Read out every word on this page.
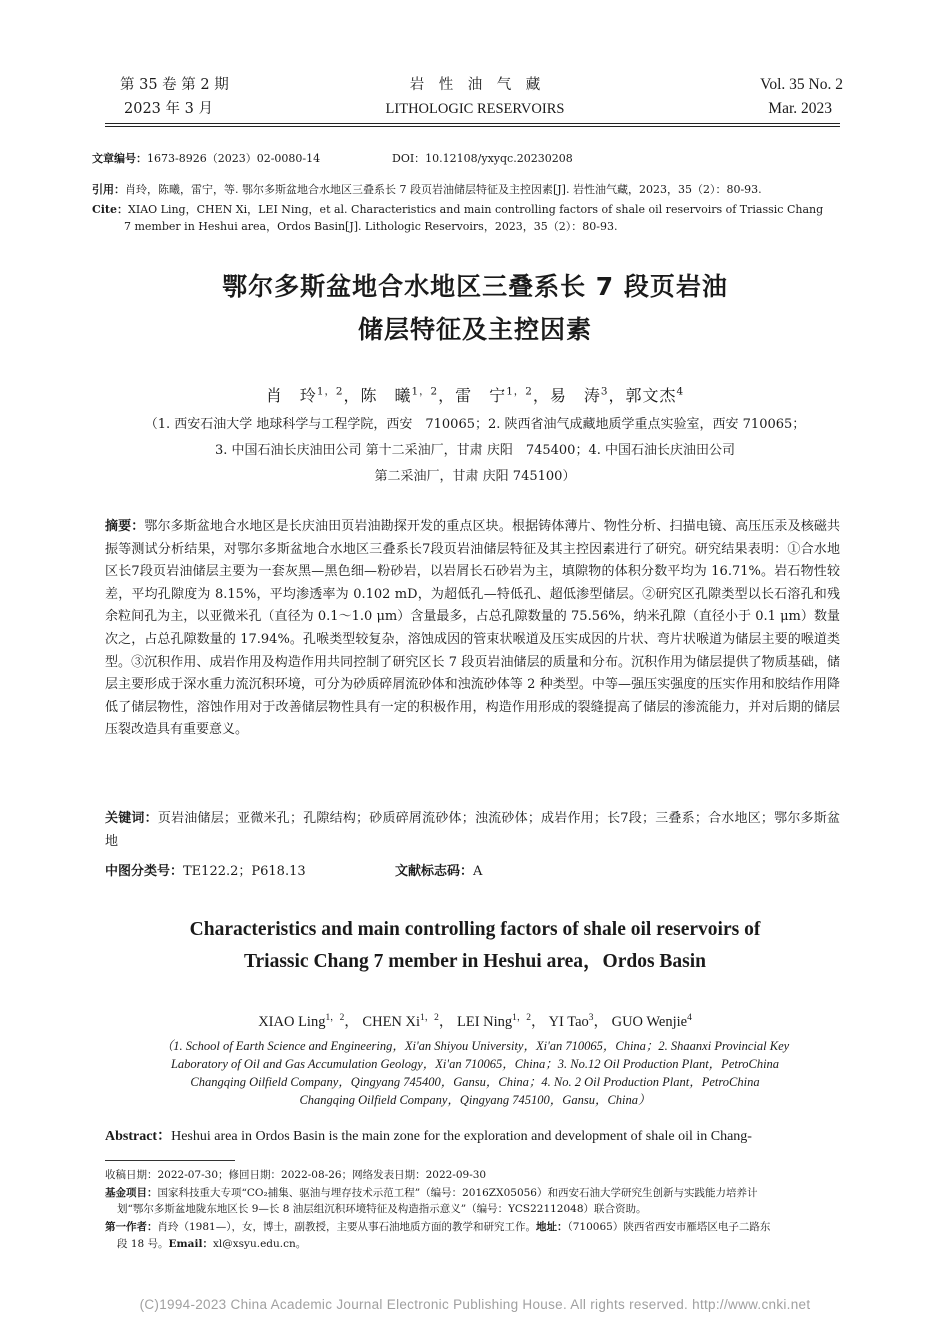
第 35 卷 第 2 期
2023 年 3 月
岩　性　油　气　藏
LITHOLOGIC RESERVOIRS
Vol. 35 No. 2
Mar. 2023
文章编号：1673-8926（2023）02-0080-14	DOI：10.12108/yxyqc.20230208
引用：肖玲，陈曦，雷宁，等. 鄂尔多斯盆地合水地区三叠系长 7 段页岩油储层特征及主控因素[J]. 岩性油气藏，2023，35（2）：80-93.
Cite：XIAO Ling，CHEN Xi，LEI Ning，et al. Characteristics and main controlling factors of shale oil reservoirs of Triassic Chang
7 member in Heshui area，Ordos Basin[J]. Lithologic Reservoirs，2023，35（2）：80-93.
鄂尔多斯盆地合水地区三叠系长 7 段页岩油
储层特征及主控因素
肖　玲$^{1,2}$，陈　曦$^{1,2}$，雷　宁$^{1,2}$，易　涛$^3$，郭文杰$^4$
（1. 西安石油大学 地球科学与工程学院，西安　710065；2. 陕西省油气成藏地质学重点实验室，西安 710065；
3. 中国石油长庆油田公司 第十二采油厂，甘肃 庆阳　745400；4. 中国石油长庆油田公司
第二采油厂，甘肃 庆阳 745100）
摘要：鄂尔多斯盆地合水地区是长庆油田页岩油勘探开发的重点区块。根据铸体薄片、物性分析、扫描电镜、高压压汞及核磁共振等测试分析结果，对鄂尔多斯盆地合水地区三叠系长7段页岩油储层特征及其主控因素进行了研究。研究结果表明：①合水地区长7段页岩油储层主要为一套灰黑—黑色细—粉砂岩，以岩屑长石砂岩为主，填隙物的体积分数平均为 16.71%。岩石物性较差，平均孔隙度为 8.15%，平均渗透率为 0.102 mD，为超低孔—特低孔、超低渗型储层。②研究区孔隙类型以长石溶孔和残余粒间孔为主，以亚微米孔（直径为 0.1～1.0 μm）含量最多，占总孔隙数量的 75.56%，纳米孔隙（直径小于 0.1 μm）数量次之，占总孔隙数量的 17.94%。孔喉类型较复杂，溶蚀成因的管束状喉道及压实成因的片状、弯片状喉道为储层主要的喉道类型。③沉积作用、成岩作用及构造作用共同控制了研究区长 7 段页岩油储层的质量和分布。沉积作用为储层提供了物质基础，储层主要形成于深水重力流沉积环境，可分为砂质碎屑流砂体和浊流砂体等 2 种类型。中等—强压实强度的压实作用和胶结作用降低了储层物性，溶蚀作用对于改善储层物性具有一定的积极作用，构造作用形成的裂缝提高了储层的渗流能力，并对后期的储层压裂改造具有重要意义。
关键词：页岩油储层；亚微米孔；孔隙结构；砂质碎屑流砂体；浊流砂体；成岩作用；长7段；三叠系；合水地区；鄂尔多斯盆地
中图分类号：TE122.2；P618.13	文献标志码：A
Characteristics and main controlling factors of shale oil reservoirs of
Triassic Chang 7 member in Heshui area，Ordos Basin
XIAO Ling$^{1,2}$， CHEN $Xi^{1,2}$， LEI Ning$^{1,2}$， YI Tao$^3$， GUO Wenjie$^4$
（1. School of Earth Science and Engineering，Xi'an Shiyou University，Xi'an 710065，China；2. Shaanxi Provincial Key
Laboratory of Oil and Gas Accumulation Geology，Xi'an 710065，China；3. No.12 Oil Production Plant，PetroChina
Changqing Oilfield Company，Qingyang 745400，Gansu，China；4. No. 2 Oil Production Plant，PetroChina
Changqing Oilfield Company，Qingyang 745100，Gansu，China）
Abstract：Heshui area in Ordos Basin is the main zone for the exploration and development of shale oil in Chang-
收稿日期：2022-07-30；修回日期：2022-08-26；网络发表日期：2022-09-30
基金项目：国家科技重大专项“CO₂捕集、驱油与埋存技术示范工程”（编号：2016ZX05056）和西安石油大学研究生创新与实践能力培养计
划“鄂尔多斯盆地陇东地区长 9—长 8 油层组沉积环境特征及构造指示意义”（编号：YCS22112048）联合资助。
第一作者：肖玲（1981—），女，博士，副教授，主要从事石油地质方面的教学和研究工作。地址：（710065）陕西省西安市雁塔区电子二路东
段 18 号。Email：xl@xsyu.edu.cn。
(C)1994-2023 China Academic Journal Electronic Publishing House. All rights reserved. http://www.cnki.net
